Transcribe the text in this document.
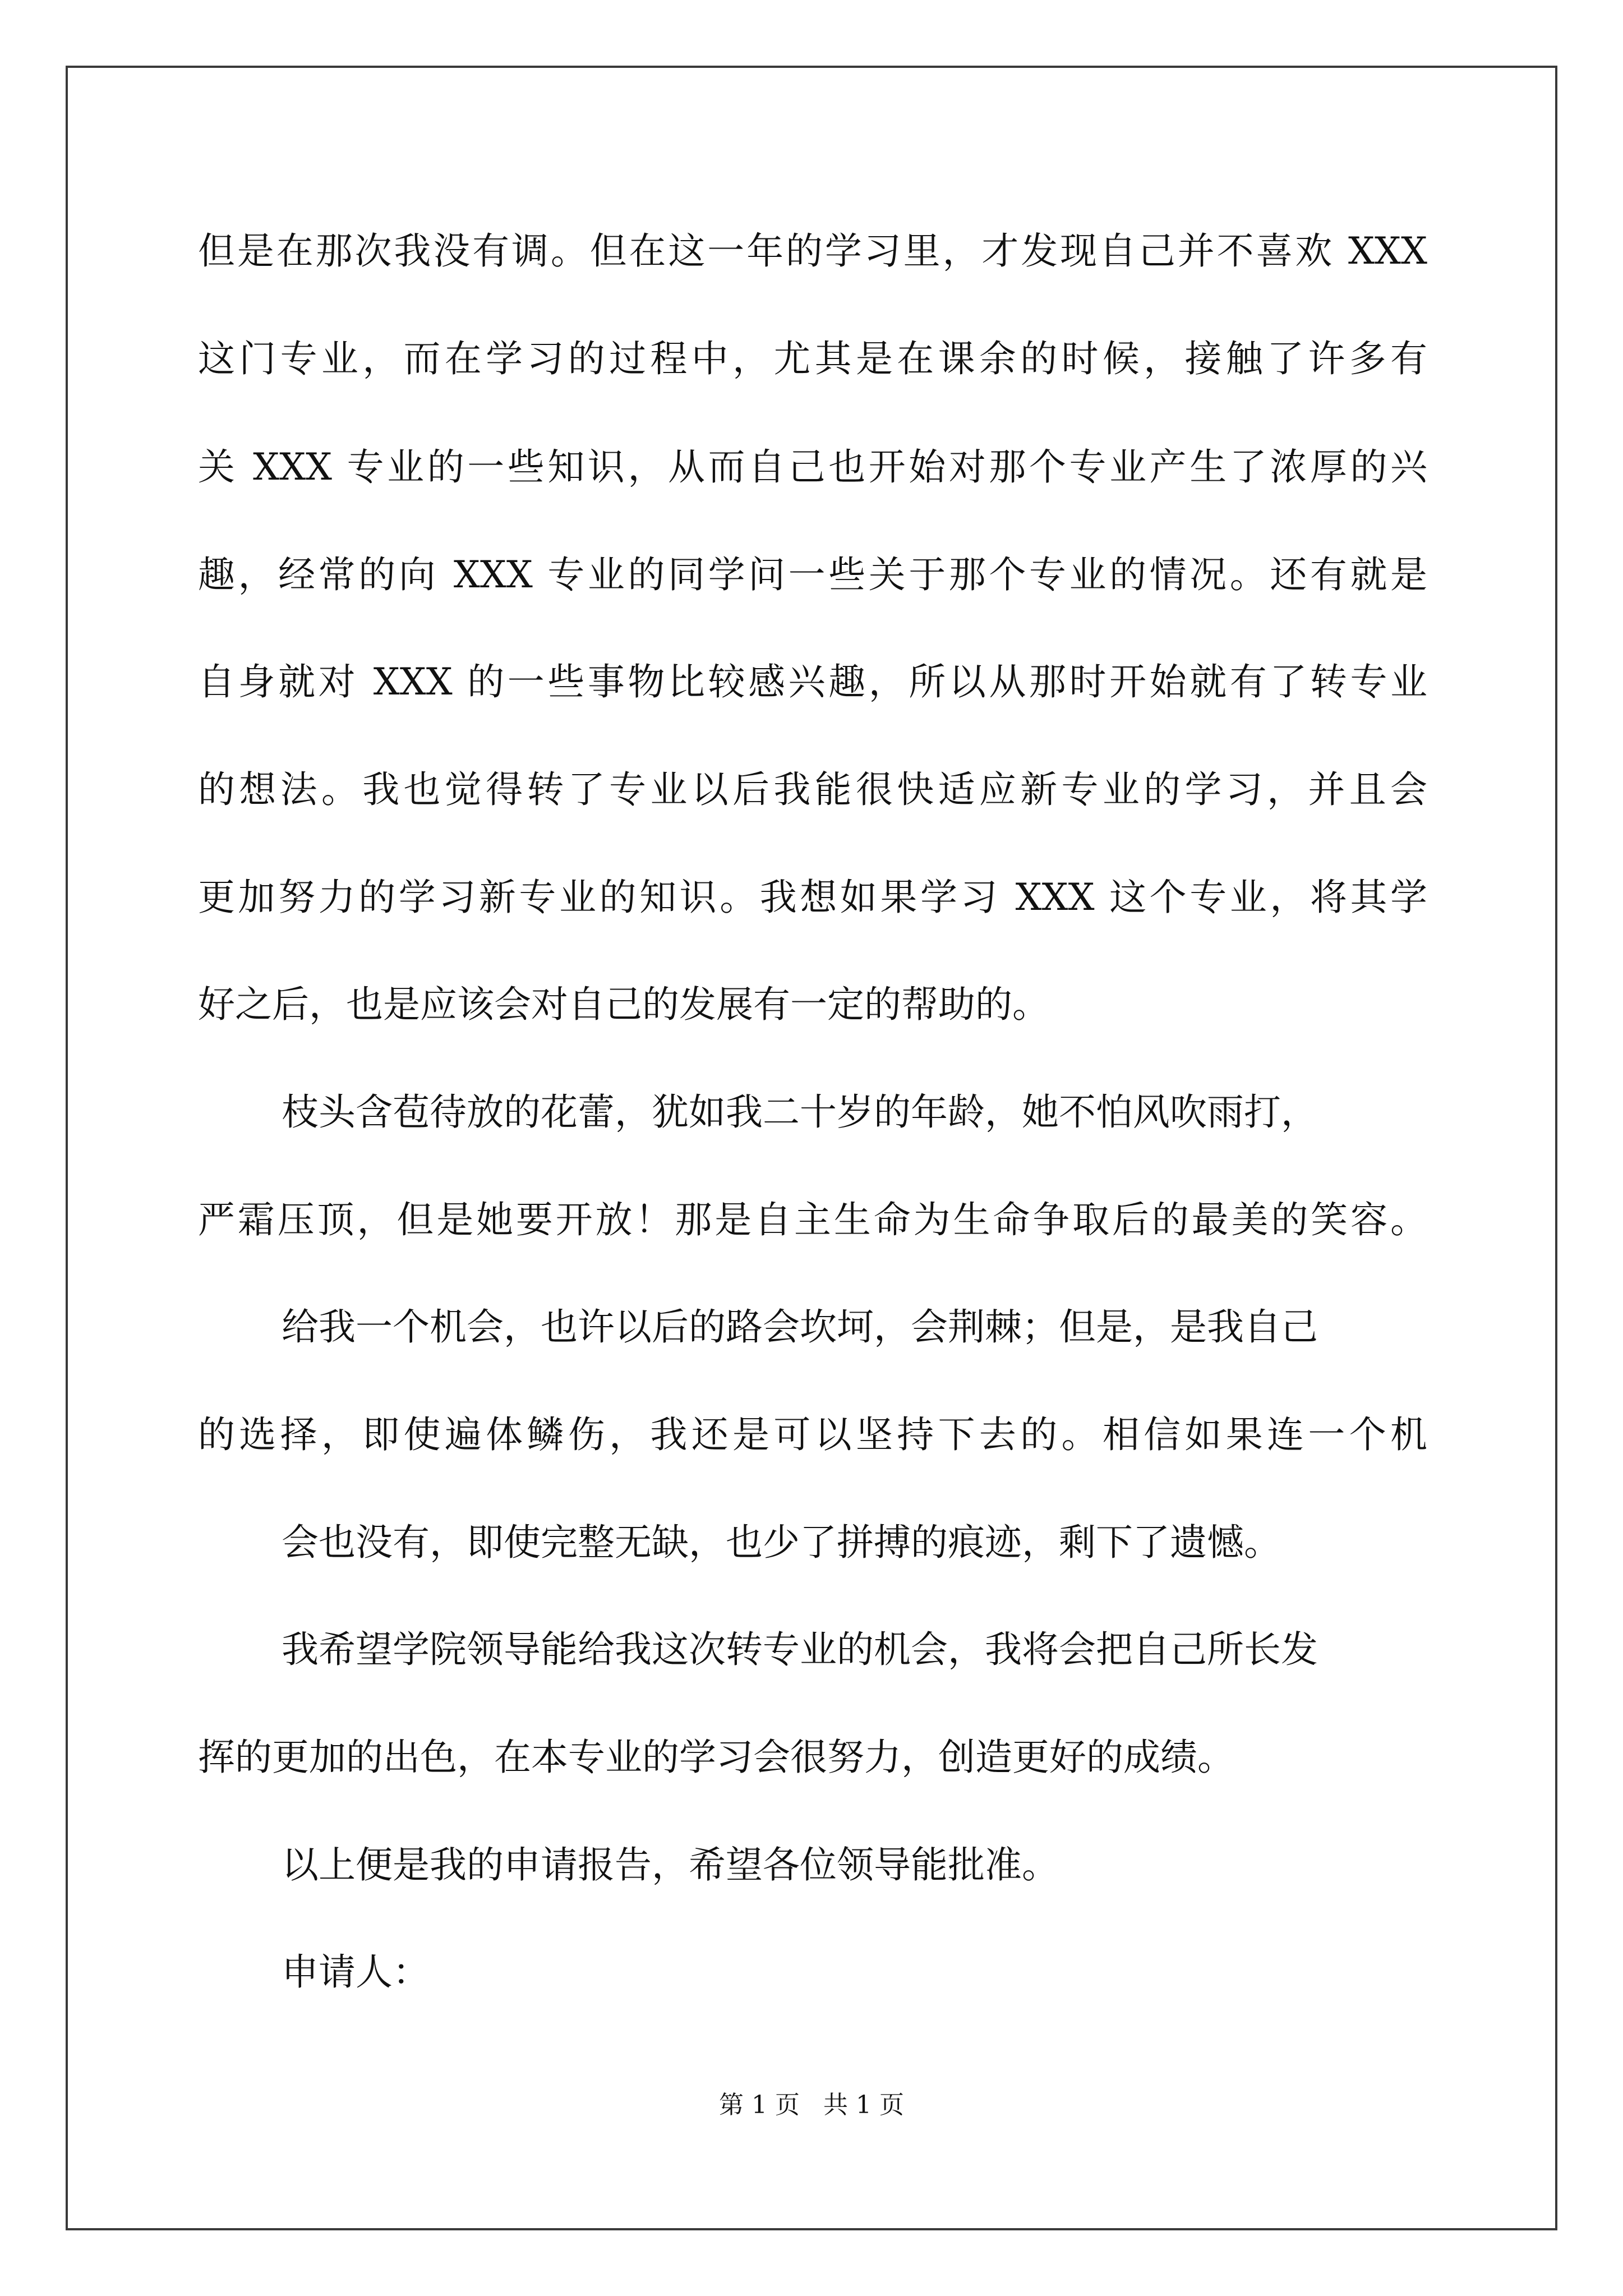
但是在那次我没有调。但在这一年的学习里，才发现自己并不喜欢 XXX
这门专业，而在学习的过程中，尤其是在课余的时候，接触了许多有
关 XXX 专业的一些知识，从而自己也开始对那个专业产生了浓厚的兴
趣，经常的向 XXX 专业的同学问一些关于那个专业的情况。还有就是
自身就对 XXX 的一些事物比较感兴趣，所以从那时开始就有了转专业
的想法。我也觉得转了专业以后我能很快适应新专业的学习，并且会
更加努力的学习新专业的知识。我想如果学习 XXX 这个专业，将其学
好之后，也是应该会对自己的发展有一定的帮助的。
枝头含苞待放的花蕾，犹如我二十岁的年龄，她不怕风吹雨打，
严霜压顶，但是她要开放！那是自主生命为生命争取后的最美的笑容。
给我一个机会，也许以后的路会坎坷，会荆棘；但是，是我自己
的选择，即使遍体鳞伤，我还是可以坚持下去的。相信如果连一个机
会也没有，即使完整无缺，也少了拼搏的痕迹，剩下了遗憾。
我希望学院领导能给我这次转专业的机会，我将会把自己所长发
挥的更加的出色，在本专业的学习会很努力，创造更好的成绩。
以上便是我的申请报告，希望各位领导能批准。
申请人：
第 1 页   共 1 页
